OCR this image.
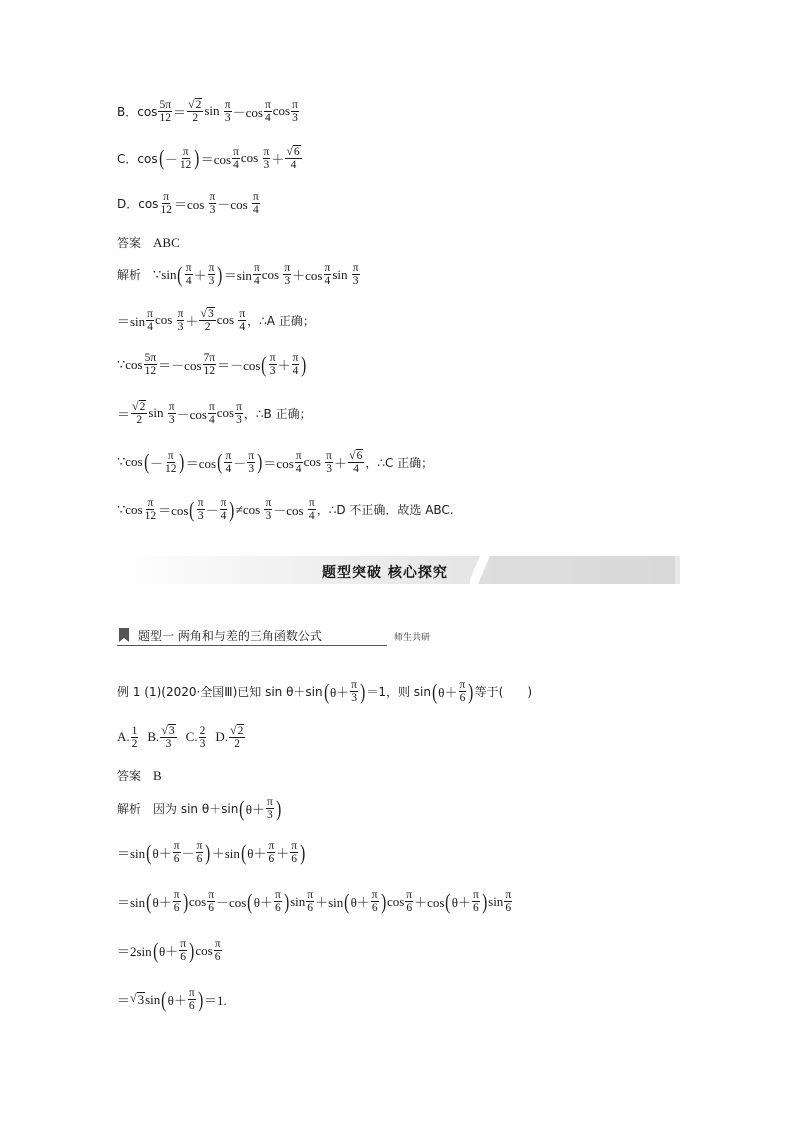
B．$\cos \frac{5\pi}{12} = \frac{√ 2}{2}$ $\sin \frac{\pi}{3} -\cos \frac{\pi}{4}$ $\cos \frac{\pi}{3}$
C．cos ( － $\frac{\pi}{12}$ ) $=\cos \frac{\pi}{4}$ $\cos \frac{\pi}{3} + \frac{√ 6}{4}$
D．$\cos \frac{\pi}{12} =\cos \frac{\pi}{3} -\cos \frac{\pi}{4}$
答案 ABC
解析 ∵sin ( $\frac{\pi}{4} + \frac{\pi}{3}$ ) $=\sin \frac{\pi}{4}$ $\cos \frac{\pi}{3} +\cos \frac{\pi}{4}$ $\sin \frac{\pi}{3}$
$=\sin \frac{\pi}{4}$ $\cos \frac{\pi}{3} + \frac{√ 3}{2}$ $\cos \frac{\pi}{4}$ ，∴A 正确；
∵cos $\frac{5\pi}{12} =-\cos \frac{7\pi}{12} =-\cos$ ( $\frac{\pi}{3} + \frac{\pi}{4}$ )
＝ $\frac{√ 2}{2}$ $\sin \frac{\pi}{3} -\cos \frac{\pi}{4}$ $\cos \frac{\pi}{3}$ ，∴B 正确；
∵cos ( － $\frac{\pi}{12}$ ) ＝cos ( $\frac{\pi}{4} - \frac{\pi}{3}$ ) $=\cos \frac{\pi}{4}$ $\cos \frac{\pi}{3} + \frac{√ 6}{4}$ ，∴C 正确；
∵cos $\frac{\pi}{12} =\cos$ ( $\frac{\pi}{3} - \frac{\pi}{4}$ ) $\ne\cos \frac{\pi}{3} -\cos \frac{\pi}{4}$ ，∴D 不正确．故选 ABC.
题型突破 核心探究
题型一 两角和与差的三角函数公式	师生共研
例 1 (1)(2020·全国Ⅲ)已知 sin θ＋sin ( $\theta+ \frac{\pi}{3}$ ) ＝1，则 sin ( $\theta+ \frac{\pi}{6}$ ) 等于(　　)
A. $\frac{1}{2} B$. $\frac{√ 3}{3} C$. $\frac{2}{3} D$. $\frac{√ 2}{2}$
答案 B
解析 因为 sin θ＋sin ( $\theta+ \frac{\pi}{3}$ )
＝sin ( $\theta+ \frac{\pi}{6} - \frac{\pi}{6}$ ) ＋sin ( $\theta+ \frac{\pi}{6} + \frac{\pi}{6}$ )
＝sin ( $\theta+ \frac{\pi}{6}$ ) $\cos \frac{\pi}{6} -\cos$ ( $\theta+ \frac{\pi}{6}$ ) $\sin \frac{\pi}{6} +\sin$ ( $\theta+ \frac{\pi}{6}$ ) $\cos \frac{\pi}{6} +\cos$ ( $\theta+ \frac{\pi}{6}$ ) $\sin \frac{\pi}{6}$
＝2sin ( $\theta+ \frac{\pi}{6}$ ) $\cos \frac{\pi}{6}$
＝ √ 3 sin ( $\theta+ \frac{\pi}{6}$ ) ＝1.
